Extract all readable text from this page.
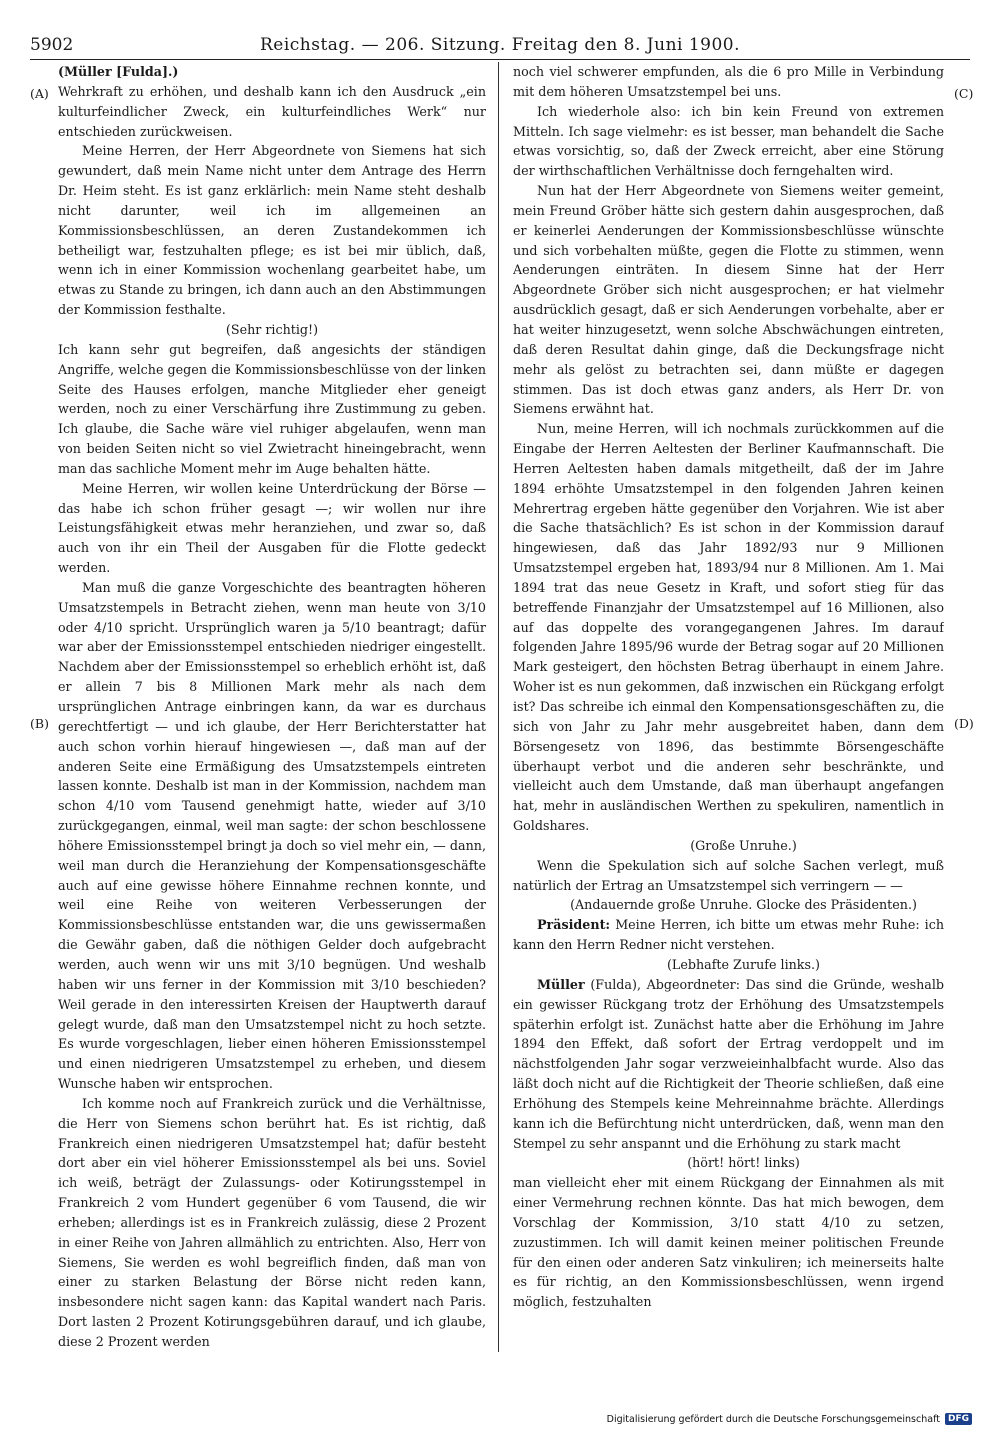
5902	Reichstag. — 206. Sitzung. Freitag den 8. Juni 1900.
(A)
(B)
(C)
(D)

(Müller [Fulda].)

Wehrkraft zu erhöhen, und deshalb kann ich den Ausdruck „ein kulturfeindlicher Zweck, ein kulturfeindliches Werk“ nur entschieden zurückweisen.

Meine Herren, der Herr Abgeordnete von Siemens hat sich gewundert, daß mein Name nicht unter dem Antrage des Herrn Dr. Heim steht. Es ist ganz erklärlich: mein Name steht deshalb nicht darunter, weil ich im allgemeinen an Kommissionsbeschlüssen, an deren Zustandekommen ich betheiligt war, festzuhalten pflege; es ist bei mir üblich, daß, wenn ich in einer Kommission wochenlang gearbeitet habe, um etwas zu Stande zu bringen, ich dann auch an den Abstimmungen der Kommission festhalte.

(Sehr richtig!)

Ich kann sehr gut begreifen, daß angesichts der ständigen Angriffe, welche gegen die Kommissionsbeschlüsse von der linken Seite des Hauses erfolgen, manche Mitglieder eher geneigt werden, noch zu einer Verschärfung ihre Zustimmung zu geben. Ich glaube, die Sache wäre viel ruhiger abgelaufen, wenn man von beiden Seiten nicht so viel Zwietracht hineingebracht, wenn man das sachliche Moment mehr im Auge behalten hätte.

Meine Herren, wir wollen keine Unterdrückung der Börse — das habe ich schon früher gesagt —; wir wollen nur ihre Leistungsfähigkeit etwas mehr heranziehen, und zwar so, daß auch von ihr ein Theil der Ausgaben für die Flotte gedeckt werden.

Man muß die ganze Vorgeschichte des beantragten höheren Umsatzstempels in Betracht ziehen, wenn man heute von 3/10 oder 4/10 spricht. Ursprünglich waren ja 5/10 beantragt; dafür war aber der Emissionsstempel entschieden niedriger eingestellt. Nachdem aber der Emissionsstempel so erheblich erhöht ist, daß er allein 7 bis 8 Millionen Mark mehr als nach dem ursprünglichen Antrage einbringen kann, da war es durchaus gerechtfertigt — und ich glaube, der Herr Berichterstatter hat auch schon vorhin hierauf hingewiesen —, daß man auf der anderen Seite eine Ermäßigung des Umsatzstempels eintreten lassen konnte. Deshalb ist man in der Kommission, nachdem man schon 4/10 vom Tausend genehmigt hatte, wieder auf 3/10 zurückgegangen, einmal, weil man sagte: der schon beschlossene höhere Emissionsstempel bringt ja doch so viel mehr ein, — dann, weil man durch die Heranziehung der Kompensationsgeschäfte auch auf eine gewisse höhere Einnahme rechnen konnte, und weil eine Reihe von weiteren Verbesserungen der Kommissionsbeschlüsse entstanden war, die uns gewissermaßen die Gewähr gaben, daß die nöthigen Gelder doch aufgebracht werden, auch wenn wir uns mit 3/10 begnügen. Und weshalb haben wir uns ferner in der Kommission mit 3/10 beschieden? Weil gerade in den interessirten Kreisen der Hauptwerth darauf gelegt wurde, daß man den Umsatzstempel nicht zu hoch setzte. Es wurde vorgeschlagen, lieber einen höheren Emissionsstempel und einen niedrigeren Umsatzstempel zu erheben, und diesem Wunsche haben wir entsprochen.

Ich komme noch auf Frankreich zurück und die Verhältnisse, die Herr von Siemens schon berührt hat. Es ist richtig, daß Frankreich einen niedrigeren Umsatzstempel hat; dafür besteht dort aber ein viel höherer Emissionsstempel als bei uns. Soviel ich weiß, beträgt der Zulassungs- oder Kotirungsstempel in Frankreich 2 vom Hundert gegenüber 6 vom Tausend, die wir erheben; allerdings ist es in Frankreich zulässig, diese 2 Prozent in einer Reihe von Jahren allmählich zu entrichten. Also, Herr von Siemens, Sie werden es wohl begreiflich finden, daß man von einer zu starken Belastung der Börse nicht reden kann, insbesondere nicht sagen kann: das Kapital wandert nach Paris. Dort lasten 2 Prozent Kotirungsgebühren darauf, und ich glaube, diese 2 Prozent werden

noch viel schwerer empfunden, als die 6 pro Mille in Verbindung mit dem höheren Umsatzstempel bei uns.

Ich wiederhole also: ich bin kein Freund von extremen Mitteln. Ich sage vielmehr: es ist besser, man behandelt die Sache etwas vorsichtig, so, daß der Zweck erreicht, aber eine Störung der wirthschaftlichen Verhältnisse doch ferngehalten wird.

Nun hat der Herr Abgeordnete von Siemens weiter gemeint, mein Freund Gröber hätte sich gestern dahin ausgesprochen, daß er keinerlei Aenderungen der Kommissionsbeschlüsse wünschte und sich vorbehalten müßte, gegen die Flotte zu stimmen, wenn Aenderungen einträten. In diesem Sinne hat der Herr Abgeordnete Gröber sich nicht ausgesprochen; er hat vielmehr ausdrücklich gesagt, daß er sich Aenderungen vorbehalte, aber er hat weiter hinzugesetzt, wenn solche Abschwächungen eintreten, daß deren Resultat dahin ginge, daß die Deckungsfrage nicht mehr als gelöst zu betrachten sei, dann müßte er dagegen stimmen. Das ist doch etwas ganz anders, als Herr Dr. von Siemens erwähnt hat.

Nun, meine Herren, will ich nochmals zurückkommen auf die Eingabe der Herren Aeltesten der Berliner Kaufmannschaft. Die Herren Aeltesten haben damals mitgetheilt, daß der im Jahre 1894 erhöhte Umsatzstempel in den folgenden Jahren keinen Mehrertrag ergeben hätte gegenüber den Vorjahren. Wie ist aber die Sache thatsächlich? Es ist schon in der Kommission darauf hingewiesen, daß das Jahr 1892/93 nur 9 Millionen Umsatzstempel ergeben hat, 1893/94 nur 8 Millionen. Am 1. Mai 1894 trat das neue Gesetz in Kraft, und sofort stieg für das betreffende Finanzjahr der Umsatzstempel auf 16 Millionen, also auf das doppelte des vorangegangenen Jahres. Im darauf folgenden Jahre 1895/96 wurde der Betrag sogar auf 20 Millionen Mark gesteigert, den höchsten Betrag überhaupt in einem Jahre. Woher ist es nun gekommen, daß inzwischen ein Rückgang erfolgt ist? Das schreibe ich einmal den Kompensationsgeschäften zu, die sich von Jahr zu Jahr mehr ausgebreitet haben, dann dem Börsengesetz von 1896, das bestimmte Börsengeschäfte überhaupt verbot und die anderen sehr beschränkte, und vielleicht auch dem Umstande, daß man überhaupt angefangen hat, mehr in ausländischen Werthen zu spekuliren, namentlich in Goldshares.

(Große Unruhe.)

Wenn die Spekulation sich auf solche Sachen verlegt, muß natürlich der Ertrag an Umsatzstempel sich verringern — —

(Andauernde große Unruhe. Glocke des Präsidenten.)

Präsident: Meine Herren, ich bitte um etwas mehr Ruhe: ich kann den Herrn Redner nicht verstehen.

(Lebhafte Zurufe links.)

Müller (Fulda), Abgeordneter: Das sind die Gründe, weshalb ein gewisser Rückgang trotz der Erhöhung des Umsatzstempels späterhin erfolgt ist. Zunächst hatte aber die Erhöhung im Jahre 1894 den Effekt, daß sofort der Ertrag verdoppelt und im nächstfolgenden Jahr sogar verzweieinhalbfacht wurde. Also das läßt doch nicht auf die Richtigkeit der Theorie schließen, daß eine Erhöhung des Stempels keine Mehreinnahme brächte. Allerdings kann ich die Befürchtung nicht unterdrücken, daß, wenn man den Stempel zu sehr anspannt und die Erhöhung zu stark macht

(hört! hört! links)

man vielleicht eher mit einem Rückgang der Einnahmen als mit einer Vermehrung rechnen könnte. Das hat mich bewogen, dem Vorschlag der Kommission, 3/10 statt 4/10 zu setzen, zuzustimmen. Ich will damit keinen meiner politischen Freunde für den einen oder anderen Satz vinkuliren; ich meinerseits halte es für richtig, an den Kommissionsbeschlüssen, wenn irgend möglich, festzuhalten

Digitalisierung gefördert durch die Deutsche Forschungsgemeinschaft DFG
